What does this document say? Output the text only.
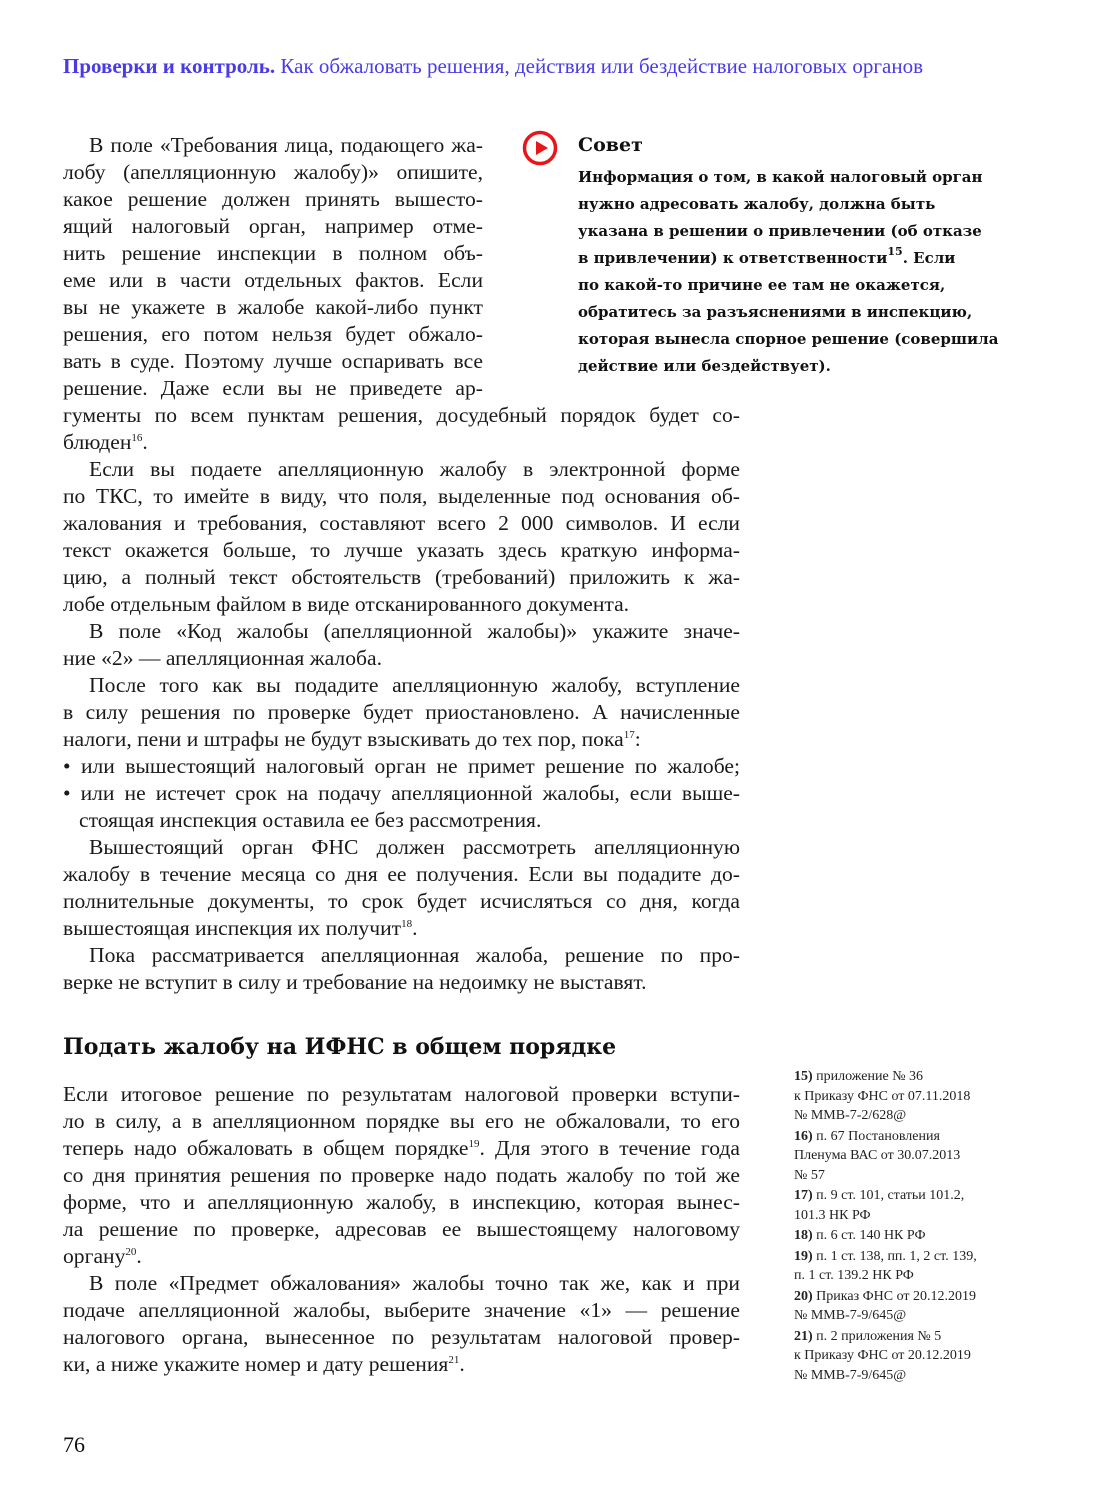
Проверки и контроль. Как обжаловать решения, действия или бездействие налоговых органов
Совет
Информация о том, в какой налоговый орган
нужно адресовать жалобу, должна быть
указана в решении о привлечении (об отказе
в привлечении) к ответственности$^{15}$. Если
по какой-то причине ее там не окажется,
обратитесь за разъяснениями в инспекцию,
которая вынесла спорное решение (совершила
действие или бездействует).
В поле «Требования лица, подающего жа-
лобу (апелляционную жалобу)» опишите,
какое решение должен принять вышесто-
ящий налоговый орган, например отме-
нить решение инспекции в полном объ-
еме или в части отдельных фактов. Если
вы не укажете в жалобе какой-либо пункт
решения, его потом нельзя будет обжало-
вать в суде. Поэтому лучше оспаривать все
решение. Даже если вы не приведете ар-
гументы по всем пунктам решения, досудебный порядок будет со-
блюден$^{16}$.
Если вы подаете апелляционную жалобу в электронной форме
по ТКС, то имейте в виду, что поля, выделенные под основания об-
жалования и требования, составляют всего 2 000 символов. И если
текст окажется больше, то лучше указать здесь краткую информа-
цию, а полный текст обстоятельств (требований) приложить к жа-
лобе отдельным файлом в виде отсканированного документа.
В поле «Код жалобы (апелляционной жалобы)» укажите значе-
ние «2» — апелляционная жалоба.
После того как вы подадите апелляционную жалобу, вступление
в силу решения по проверке будет приостановлено. А начисленные
налоги, пени и штрафы не будут взыскивать до тех пор, пока$^{17}$:
• или вышестоящий налоговый орган не примет решение по жалобе;
• или не истечет срок на подачу апелляционной жалобы, если выше-
стоящая инспекция оставила ее без рассмотрения.
Вышестоящий орган ФНС должен рассмотреть апелляционную
жалобу в течение месяца со дня ее получения. Если вы подадите до-
полнительные документы, то срок будет исчисляться со дня, когда
вышестоящая инспекция их получит$^{18}$.
Пока рассматривается апелляционная жалоба, решение по про-
верке не вступит в силу и требование на недоимку не выставят.
Подать жалобу на ИФНС в общем порядке
Если итоговое решение по результатам налоговой проверки вступи-
ло в силу, а в апелляционном порядке вы его не обжаловали, то его
теперь надо обжаловать в общем порядке$^{19}$. Для этого в течение года
со дня принятия решения по проверке надо подать жалобу по той же
форме, что и апелляционную жалобу, в инспекцию, которая вынес-
ла решение по проверке, адресовав ее вышестоящему налоговому
органу$^{20}$.
В поле «Предмет обжалования» жалобы точно так же, как и при
подаче апелляционной жалобы, выберите значение «1» — решение
налогового органа, вынесенное по результатам налоговой провер-
ки, а ниже укажите номер и дату решения$^{21}$.
15) приложение № 36
к Приказу ФНС от 07.11.2018
№ ММВ-7-2/628@
16) п. 67 Постановления
Пленума ВАС от 30.07.2013
№ 57
17) п. 9 ст. 101, статьи 101.2,
101.3 НК РФ
18) п. 6 ст. 140 НК РФ
19) п. 1 ст. 138, пп. 1, 2 ст. 139,
п. 1 ст. 139.2 НК РФ
20) Приказ ФНС от 20.12.2019
№ ММВ-7-9/645@
21) п. 2 приложения № 5
к Приказу ФНС от 20.12.2019
№ ММВ-7-9/645@
76
